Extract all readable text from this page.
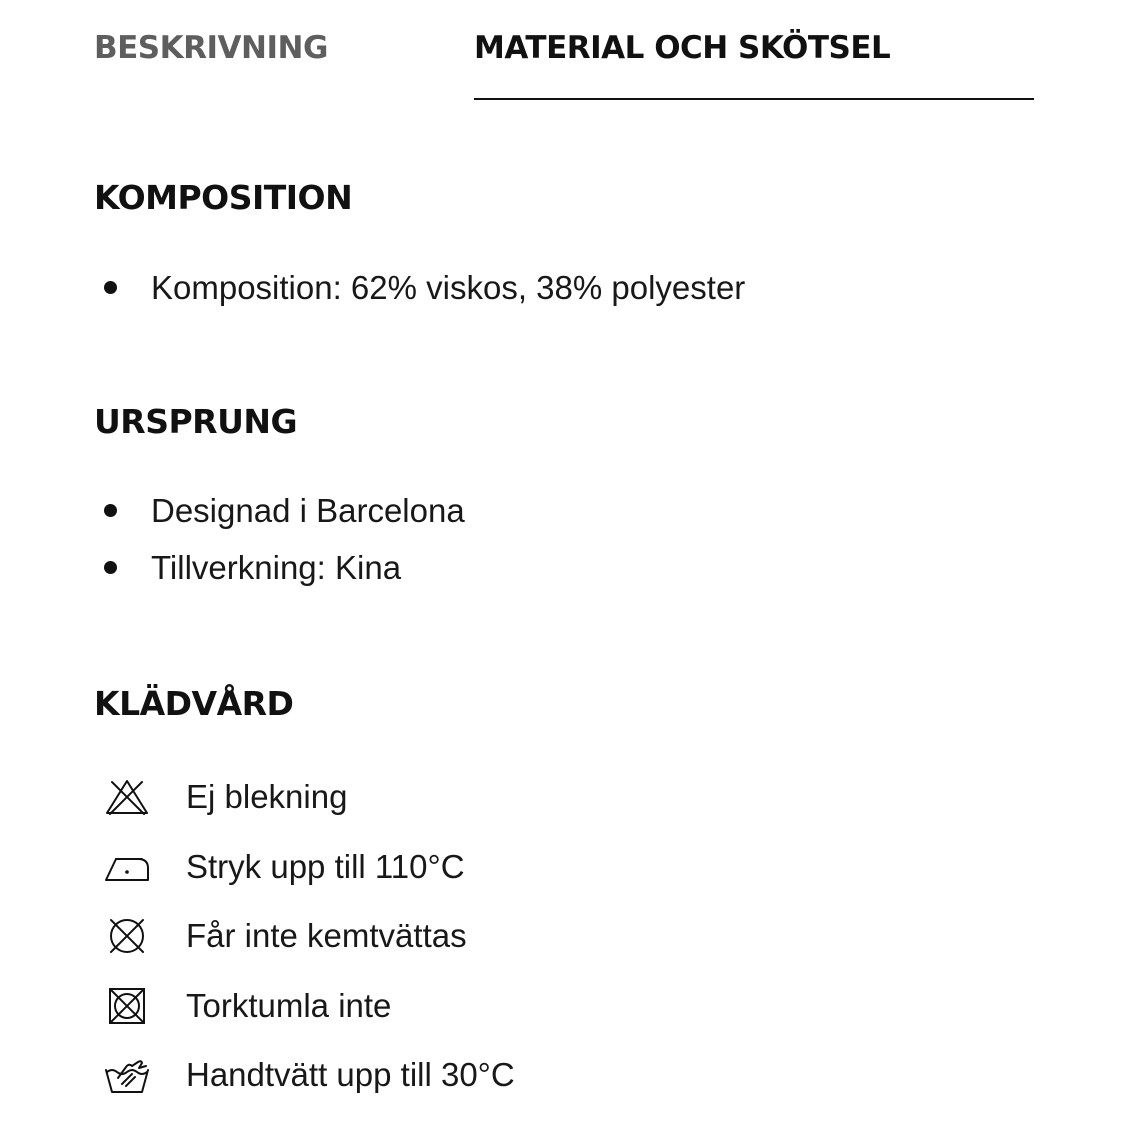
BESKRIVNING	MATERIAL OCH SKÖTSEL
KOMPOSITION
Komposition: 62% viskos, 38% polyester
URSPRUNG
Designad i Barcelona
Tillverkning: Kina
KLÄDVÅRD
Ej blekning
Stryk upp till 110°C
Får inte kemtvättas
Torktumla inte
Handtvätt upp till 30°C
